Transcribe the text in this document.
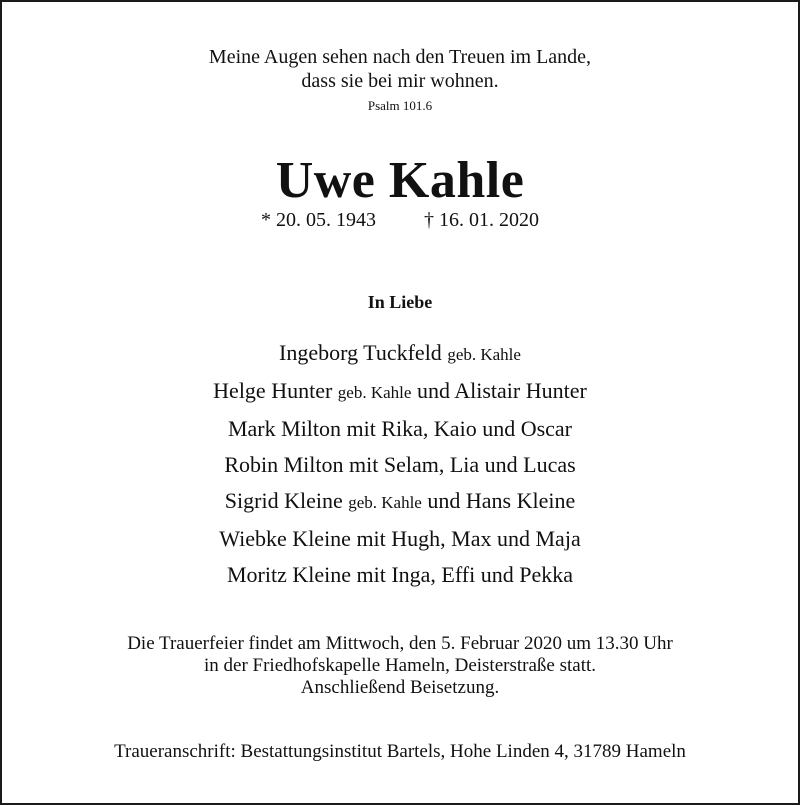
Meine Augen sehen nach den Treuen im Lande,
dass sie bei mir wohnen.
Psalm 101.6
Uwe Kahle
* 20. 05. 1943 † 16. 01. 2020
In Liebe
Ingeborg Tuckfeld geb. Kahle
Helge Hunter geb. Kahle und Alistair Hunter
Mark Milton mit Rika, Kaio und Oscar
Robin Milton mit Selam, Lia und Lucas
Sigrid Kleine geb. Kahle und Hans Kleine
Wiebke Kleine mit Hugh, Max und Maja
Moritz Kleine mit Inga, Effi und Pekka
Die Trauerfeier findet am Mittwoch, den 5. Februar 2020 um 13.30 Uhr
in der Friedhofskapelle Hameln, Deisterstraße statt.
Anschließend Beisetzung.
Traueranschrift: Bestattungsinstitut Bartels, Hohe Linden 4, 31789 Hameln
